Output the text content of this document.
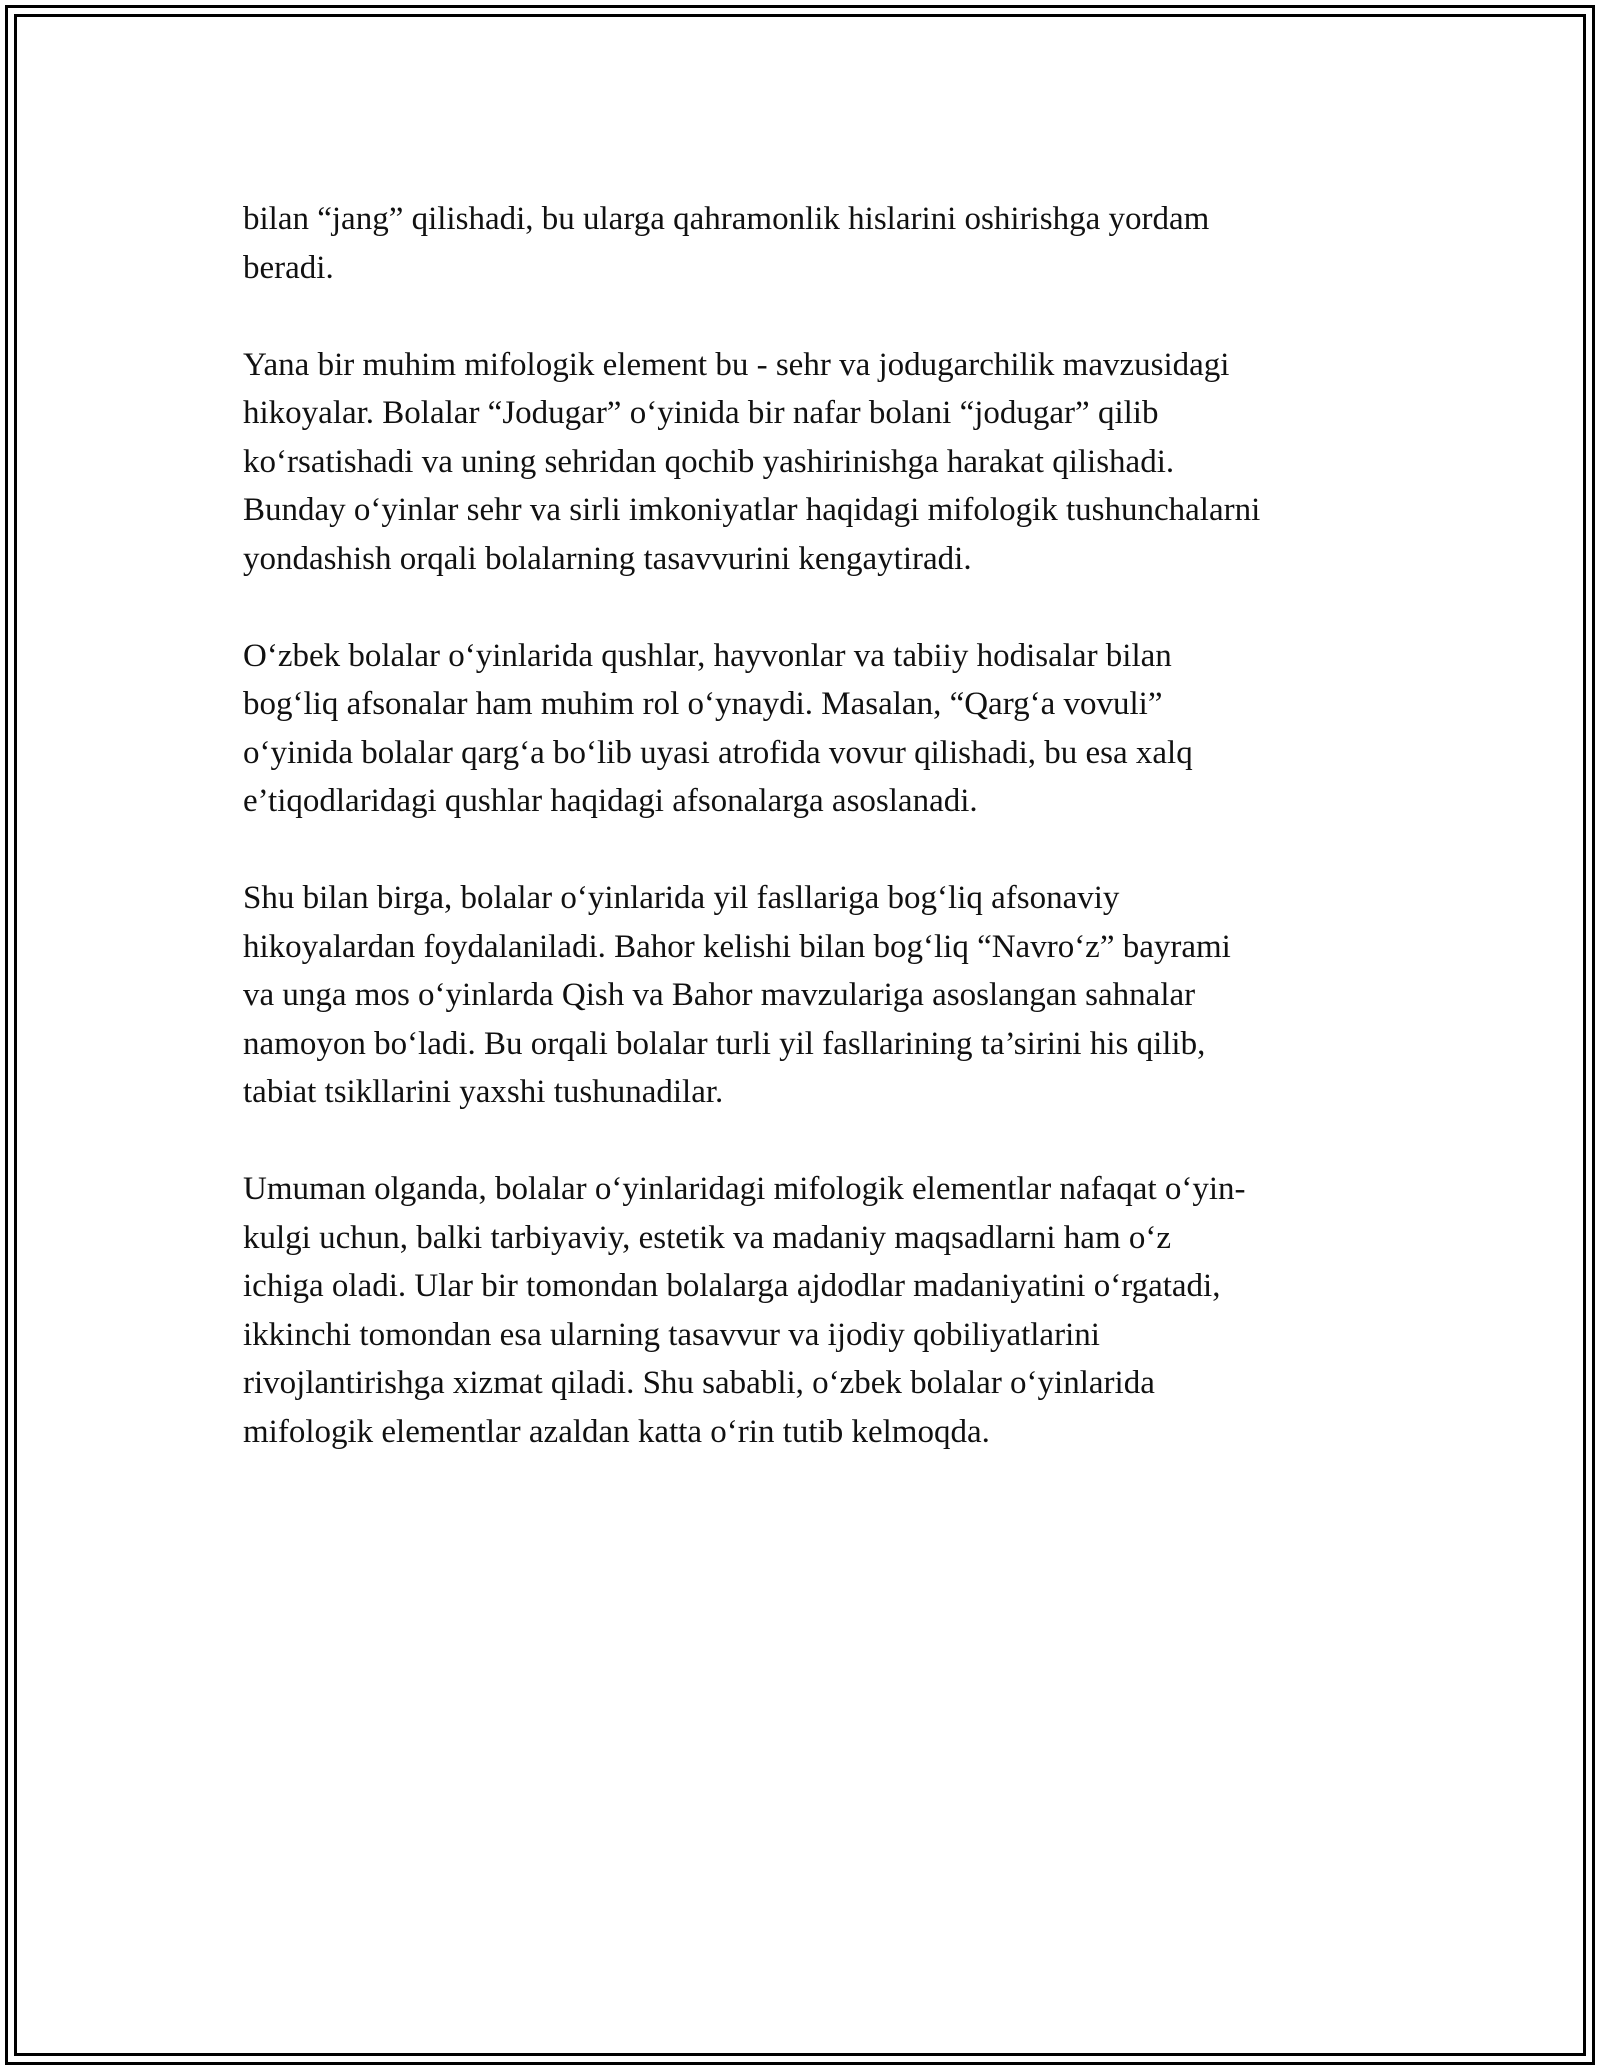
bilan “jang” qilishadi, bu ularga qahramonlik hislarini oshirishga yordam
beradi.

Yana bir muhim mifologik element bu - sehr va jodugarchilik mavzusidagi
hikoyalar. Bolalar “Jodugar” o‘yinida bir nafar bolani “jodugar” qilib
ko‘rsatishadi va uning sehridan qochib yashirinishga harakat qilishadi.
Bunday o‘yinlar sehr va sirli imkoniyatlar haqidagi mifologik tushunchalarni
yondashish orqali bolalarning tasavvurini kengaytiradi.

O‘zbek bolalar o‘yinlarida qushlar, hayvonlar va tabiiy hodisalar bilan
bog‘liq afsonalar ham muhim rol o‘ynaydi. Masalan, “Qarg‘a vovuli”
o‘yinida bolalar qarg‘a bo‘lib uyasi atrofida vovur qilishadi, bu esa xalq
e’tiqodlaridagi qushlar haqidagi afsonalarga asoslanadi.

Shu bilan birga, bolalar o‘yinlarida yil fasllariga bog‘liq afsonaviy
hikoyalardan foydalaniladi. Bahor kelishi bilan bog‘liq “Navro‘z” bayrami
va unga mos o‘yinlarda Qish va Bahor mavzulariga asoslangan sahnalar
namoyon bo‘ladi. Bu orqali bolalar turli yil fasllarining ta’sirini his qilib,
tabiat tsikllarini yaxshi tushunadilar.

Umuman olganda, bolalar o‘yinlaridagi mifologik elementlar nafaqat o‘yin-
kulgi uchun, balki tarbiyaviy, estetik va madaniy maqsadlarni ham o‘z
ichiga oladi. Ular bir tomondan bolalarga ajdodlar madaniyatini o‘rgatadi,
ikkinchi tomondan esa ularning tasavvur va ijodiy qobiliyatlarini
rivojlantirishga xizmat qiladi. Shu sababli, o‘zbek bolalar o‘yinlarida
mifologik elementlar azaldan katta o‘rin tutib kelmoqda.
